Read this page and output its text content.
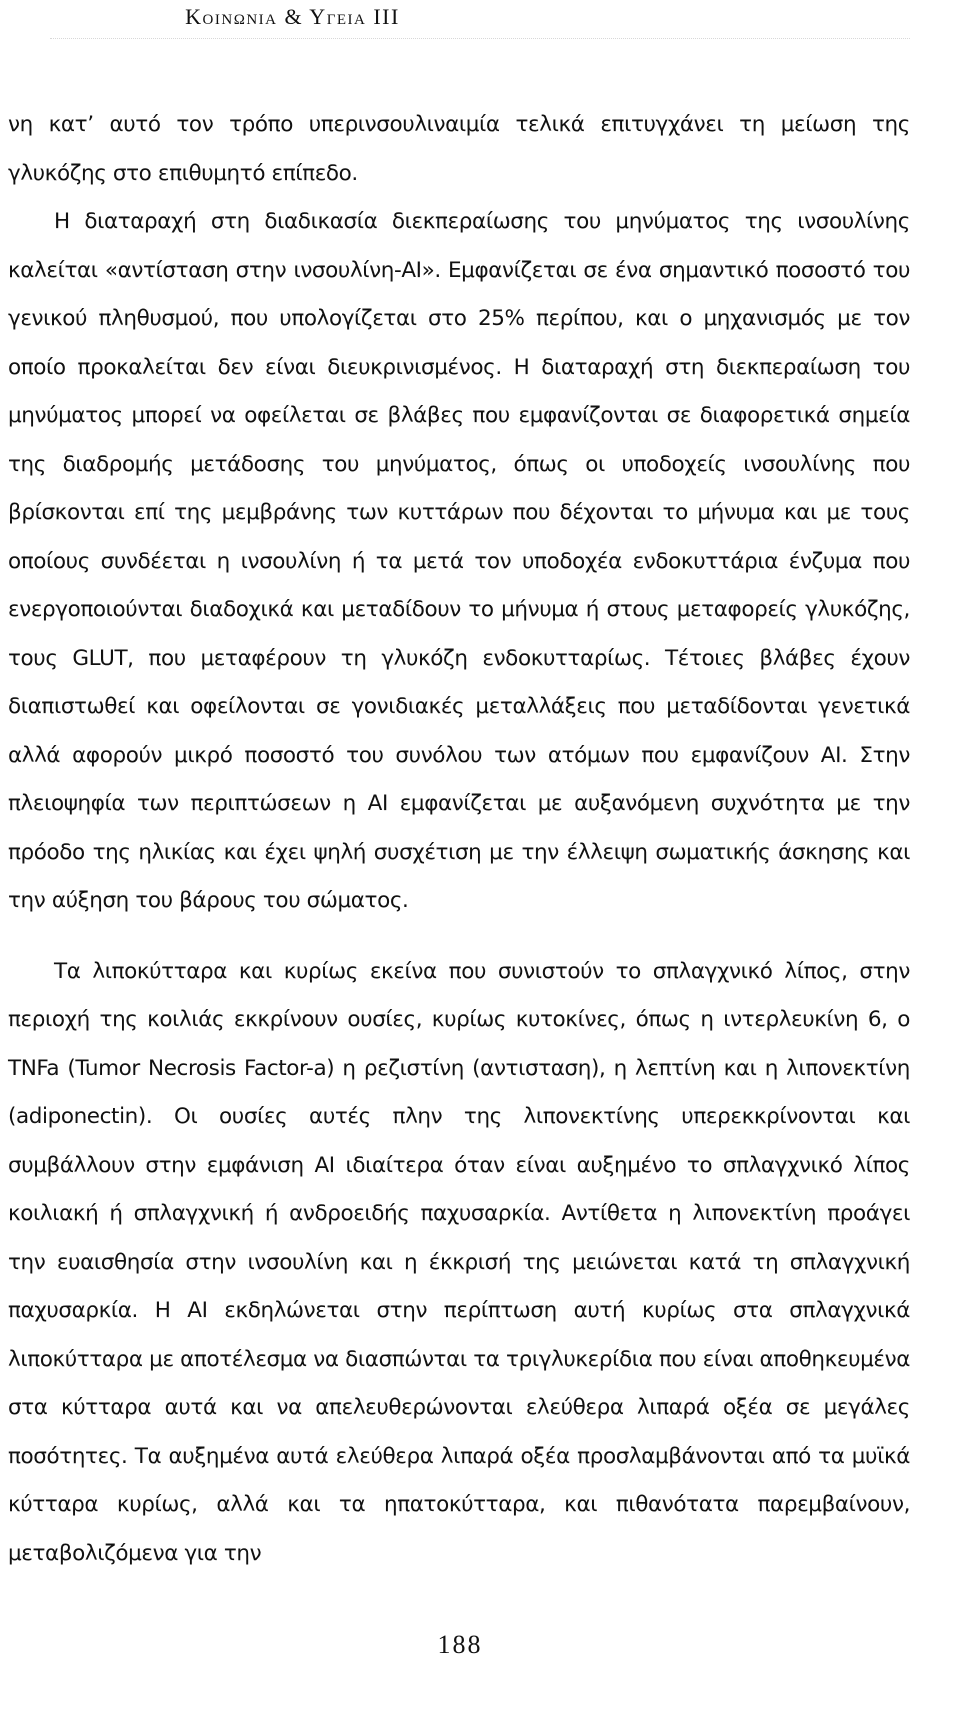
Κοινωνια & Υγεια ΙΙΙ

νη κατ’ αυτό τον τρόπο υπερινσουλιναιμία τελικά επιτυγχάνει τη μείωση της γλυκόζης στο επιθυμητό επίπεδο.

Η διαταραχή στη διαδικασία διεκπεραίωσης του μηνύματος της ινσουλίνης καλείται «αντίσταση στην ινσουλίνη-ΑΙ». Εμφανίζεται σε ένα σημαντικό ποσοστό του γενικού πληθυσμού, που υπολογίζεται στο 25% περίπου, και ο μηχανισμός με τον οποίο προκαλείται δεν είναι διευκρινισμένος. Η διαταραχή στη διεκπεραίωση του μηνύματος μπορεί να οφείλεται σε βλάβες που εμφανίζονται σε διαφορετικά σημεία της διαδρομής μετάδοσης του μηνύματος, όπως οι υποδοχείς ινσουλίνης που βρίσκονται επί της μεμβράνης των κυττάρων που δέχονται το μήνυμα και με τους οποίους συνδέεται η ινσουλίνη ή τα μετά τον υποδοχέα ενδοκυττάρια ένζυμα που ενεργοποιούνται διαδοχικά και μεταδίδουν το μήνυμα ή στους μεταφορείς γλυκόζης, τους GLUT, που μεταφέρουν τη γλυκόζη ενδοκυτταρίως. Τέτοιες βλάβες έχουν διαπιστωθεί και οφείλονται σε γονιδιακές μεταλλάξεις που μεταδίδονται γενετικά αλλά αφορούν μικρό ποσοστό του συνόλου των ατόμων που εμφανίζουν ΑΙ. Στην πλειοψηφία των περιπτώσεων η ΑΙ εμφανίζεται με αυξανόμενη συχνότητα με την πρόοδο της ηλικίας και έχει ψηλή συσχέτιση με την έλλειψη σωματικής άσκησης και την αύξηση του βάρους του σώματος.

Τα λιποκύτταρα και κυρίως εκείνα που συνιστούν το σπλαγχνικό λίπος, στην περιοχή της κοιλιάς εκκρίνουν ουσίες, κυρίως κυτοκίνες, όπως η ιντερλευκίνη 6, ο TNFa (Tumor Necrosis Factor-a) η ρεζιστίνη (αντισταση), η λεπτίνη και η λιπονεκτίνη (adiponectin). Οι ουσίες αυτές πλην της λιπονεκτίνης υπερεκκρίνονται και συμβάλλουν στην εμφάνιση ΑΙ ιδιαίτερα όταν είναι αυξημένο το σπλαγχνικό λίπος κοιλιακή ή σπλαγχνική ή ανδροειδής παχυσαρκία. Αντίθετα η λιπονεκτίνη προάγει την ευαισθησία στην ινσουλίνη και η έκκρισή της μειώνεται κατά τη σπλαγχνική παχυσαρκία. Η ΑΙ εκδηλώνεται στην περίπτωση αυτή κυρίως στα σπλαγχνικά λιποκύτταρα με αποτέλεσμα να διασπώνται τα τριγλυκερίδια που είναι αποθηκευμένα στα κύτταρα αυτά και να απελευθερώνονται ελεύθερα λιπαρά οξέα σε μεγάλες ποσότητες. Τα αυξημένα αυτά ελεύθερα λιπαρά οξέα προσλαμβάνονται από τα μυϊκά κύτταρα κυρίως, αλλά και τα ηπατοκύτταρα, και πιθανότατα παρεμβαίνουν, μεταβολιζόμενα για την

188
